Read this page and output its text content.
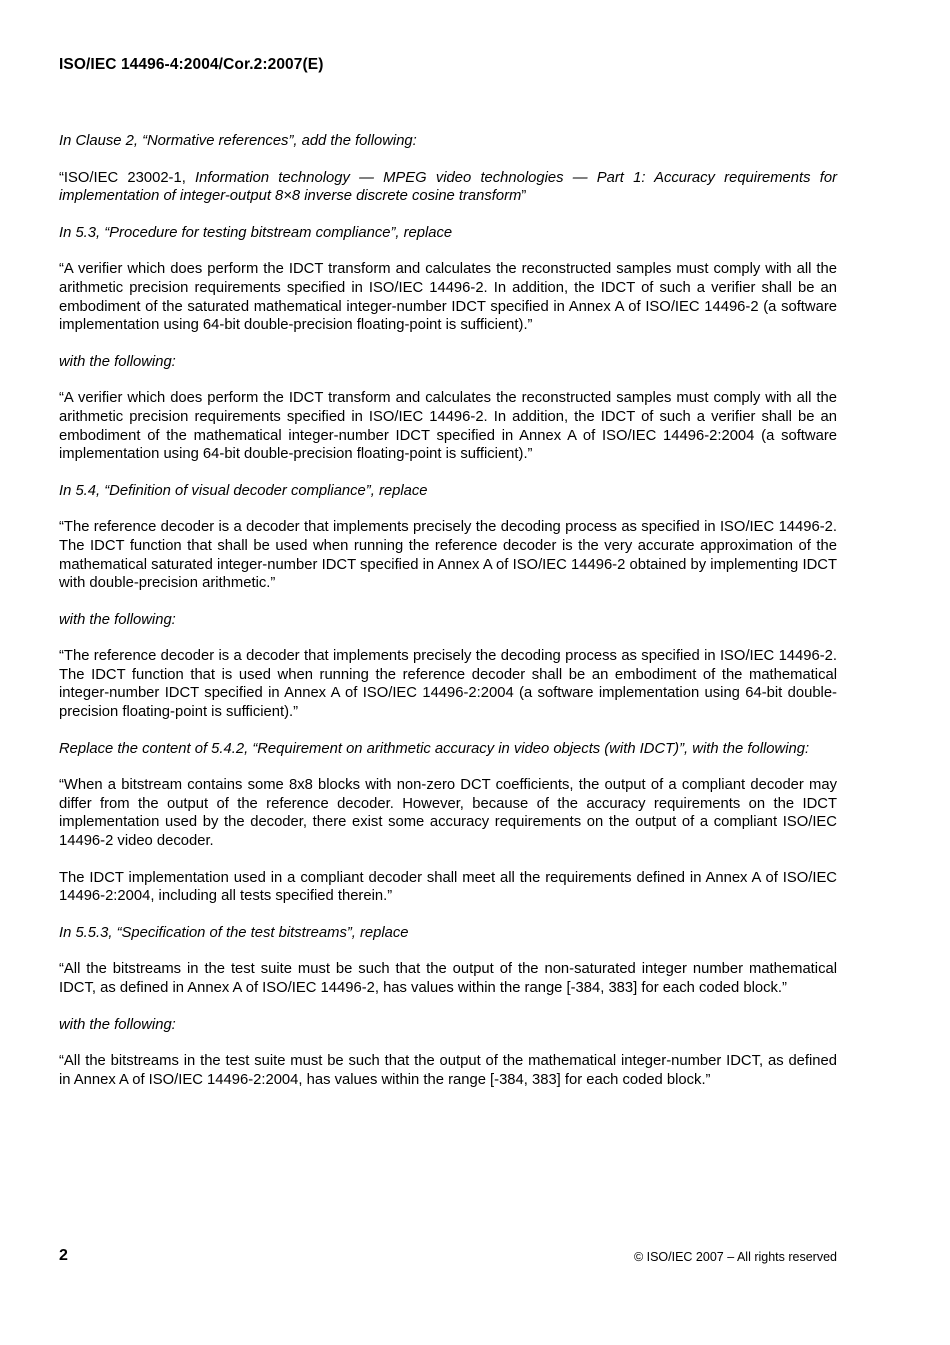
ISO/IEC 14496-4:2004/Cor.2:2007(E)

In Clause 2, “Normative references”, add the following:

“ISO/IEC 23002-1, Information technology — MPEG video technologies — Part 1: Accuracy requirements for implementation of integer-output 8×8 inverse discrete cosine transform”

In 5.3, “Procedure for testing bitstream compliance”, replace

“A verifier which does perform the IDCT transform and calculates the reconstructed samples must comply with all the arithmetic precision requirements specified in ISO/IEC 14496-2. In addition, the IDCT of such a verifier shall be an embodiment of the saturated mathematical integer-number IDCT specified in Annex A of ISO/IEC 14496-2 (a software implementation using 64-bit double-precision floating-point is sufficient).”

with the following:

“A verifier which does perform the IDCT transform and calculates the reconstructed samples must comply with all the arithmetic precision requirements specified in ISO/IEC 14496-2. In addition, the IDCT of such a verifier shall be an embodiment of the mathematical integer-number IDCT specified in Annex A of ISO/IEC 14496-2:2004 (a software implementation using 64-bit double-precision floating-point is sufficient).”

In 5.4, “Definition of visual decoder compliance”, replace

“The reference decoder is a decoder that implements precisely the decoding process as specified in ISO/IEC 14496-2. The IDCT function that shall be used when running the reference decoder is the very accurate approximation of the mathematical saturated integer-number IDCT specified in Annex A of ISO/IEC 14496-2 obtained by implementing IDCT with double-precision arithmetic.”

with the following:

“The reference decoder is a decoder that implements precisely the decoding process as specified in ISO/IEC 14496-2. The IDCT function that is used when running the reference decoder shall be an embodiment of the mathematical integer-number IDCT specified in Annex A of ISO/IEC 14496-2:2004 (a software implementation using 64-bit double-precision floating-point is sufficient).”

Replace the content of 5.4.2, “Requirement on arithmetic accuracy in video objects (with IDCT)”, with the following:

“When a bitstream contains some 8x8 blocks with non-zero DCT coefficients, the output of a compliant decoder may differ from the output of the reference decoder. However, because of the accuracy requirements on the IDCT implementation used by the decoder, there exist some accuracy requirements on the output of a compliant ISO/IEC 14496-2 video decoder.

The IDCT implementation used in a compliant decoder shall meet all the requirements defined in Annex A of ISO/IEC 14496-2:2004, including all tests specified therein.”

In 5.5.3, “Specification of the test bitstreams”, replace

“All the bitstreams in the test suite must be such that the output of the non-saturated integer number mathematical IDCT, as defined in Annex A of ISO/IEC 14496-2, has values within the range [-384, 383] for each coded block.”

with the following:

“All the bitstreams in the test suite must be such that the output of the mathematical integer-number IDCT, as defined in Annex A of ISO/IEC 14496-2:2004, has values within the range [-384, 383] for each coded block.”

2	© ISO/IEC 2007 – All rights reserved
